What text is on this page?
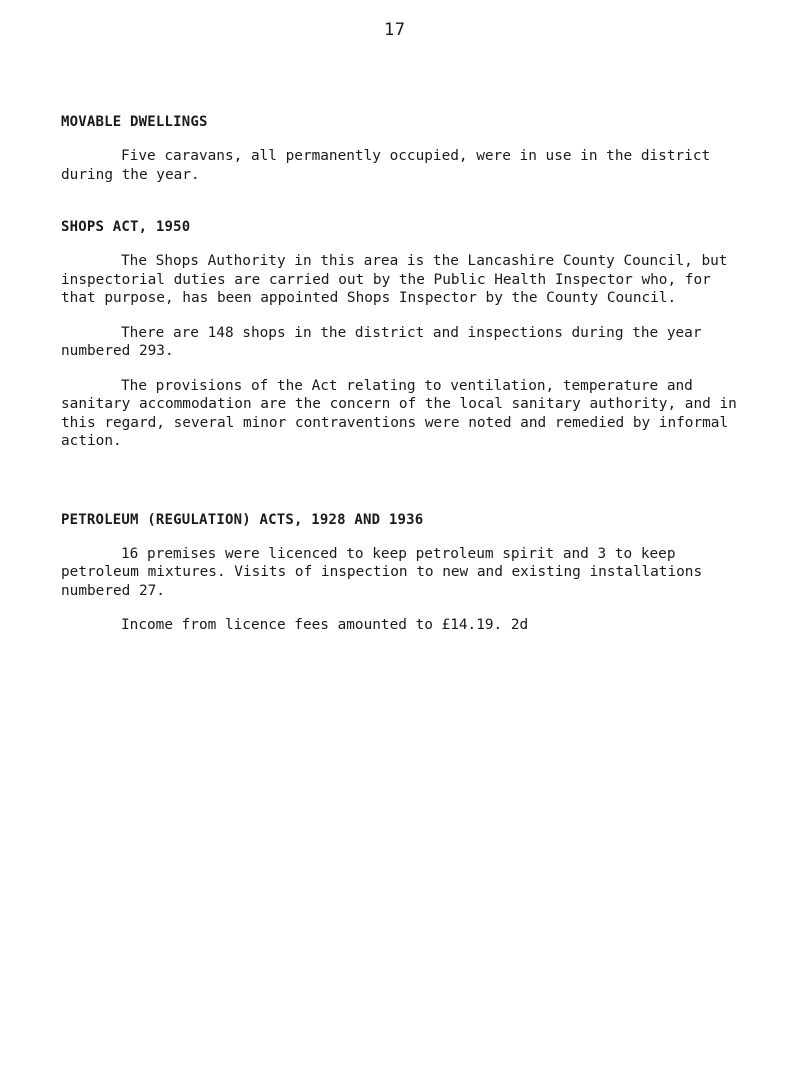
17
MOVABLE DWELLINGS

Five caravans, all permanently occupied, were in use in the district during the year.

SHOPS ACT, 1950

The Shops Authority in this area is the Lancashire County Council, but inspectorial duties are carried out by the Public Health Inspector who, for that purpose, has been appointed Shops Inspector by the County Council.

There are 148 shops in the district and inspections during the year numbered 293.

The provisions of the Act relating to ventilation, temperature and sanitary accommodation are the concern of the local sanitary authority, and in this regard, several minor contraventions were noted and remedied by informal action.

PETROLEUM (REGULATION) ACTS, 1928 AND 1936

16 premises were licenced to keep petroleum spirit and 3 to keep petroleum mixtures. Visits of inspection to new and existing installations numbered 27.

Income from licence fees amounted to £14.19. 2d
